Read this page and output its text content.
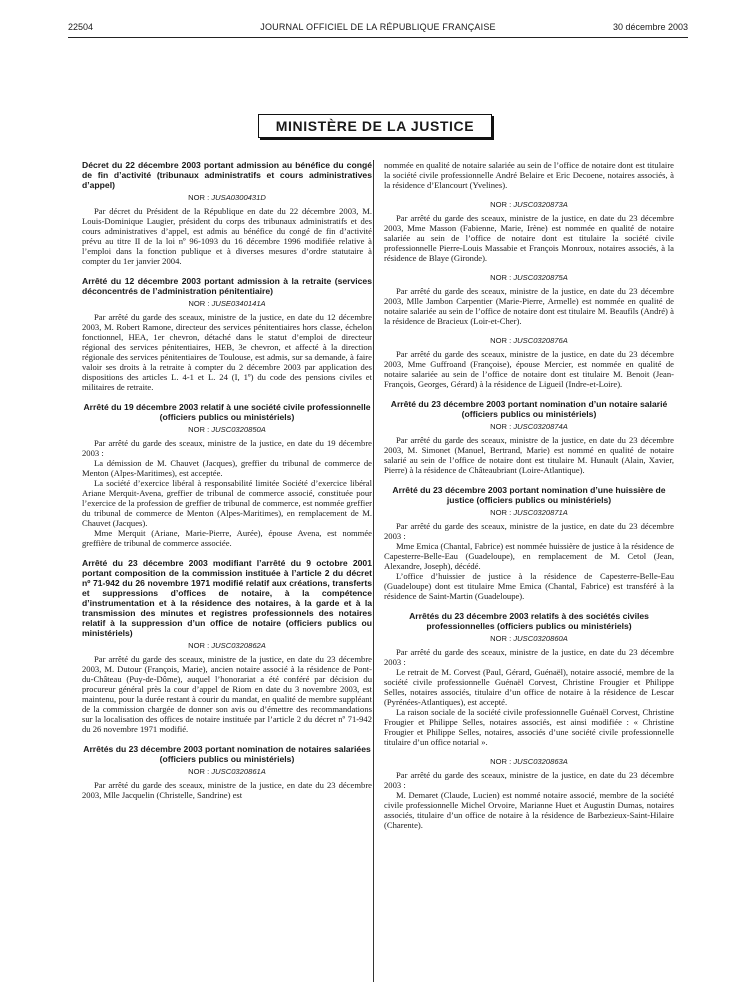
22504	JOURNAL OFFICIEL DE LA RÉPUBLIQUE FRANÇAISE	30 décembre 2003
MINISTÈRE DE LA JUSTICE

Décret du 22 décembre 2003 portant admission au bénéfice du congé de fin d’activité (tribunaux administratifs et cours administratives d’appel)

NOR : JUSA0300431D

Par décret du Président de la République en date du 22 décembre 2003, M. Louis-Dominique Laugier, président du corps des tribunaux administratifs et des cours administratives d’appel, est admis au bénéfice du congé de fin d’activité prévu au titre II de la loi nº 96-1093 du 16 décembre 1996 modifiée relative à l’emploi dans la fonction publique et à diverses mesures d’ordre statutaire à compter du 1er janvier 2004.

Arrêté du 12 décembre 2003 portant admission à la retraite (services déconcentrés de l’administration pénitentiaire)

NOR : JUSE0340141A

Par arrêté du garde des sceaux, ministre de la justice, en date du 12 décembre 2003, M. Robert Ramone, directeur des services pénitentiaires hors classe, échelon fonctionnel, HEA, 1er chevron, détaché dans le statut d’emploi de directeur régional des services pénitentiaires, HEB, 3e chevron, et affecté à la direction régionale des services pénitentiaires de Toulouse, est admis, sur sa demande, à faire valoir ses droits à la retraite à compter du 2 décembre 2003 par application des dispositions des articles L. 4-1 et L. 24 (I, 1º) du code des pensions civiles et militaires de retraite.

Arrêté du 19 décembre 2003 relatif à une société civile professionnelle (officiers publics ou ministériels)

NOR : JUSC0320850A

Par arrêté du garde des sceaux, ministre de la justice, en date du 19 décembre 2003 :

La démission de M. Chauvet (Jacques), greffier du tribunal de commerce de Menton (Alpes-Maritimes), est acceptée.

La société d’exercice libéral à responsabilité limitée Société d’exercice libéral Ariane Merquit-Avena, greffier de tribunal de commerce associé, constituée pour l’exercice de la profession de greffier de tribunal de commerce, est nommée greffier du tribunal de commerce de Menton (Alpes-Maritimes), en remplacement de M. Chauvet (Jacques).

Mme Merquit (Ariane, Marie-Pierre, Aurée), épouse Avena, est nommée greffière de tribunal de commerce associée.

Arrêté du 23 décembre 2003 modifiant l’arrêté du 9 octobre 2001 portant composition de la commission instituée à l’article 2 du décret nº 71-942 du 26 novembre 1971 modifié relatif aux créations, transferts et suppressions d’offices de notaire, à la compétence d’instrumentation et à la résidence des notaires, à la garde et à la transmission des minutes et registres professionnels des notaires relatif à la suppression d’un office de notaire (officiers publics ou ministériels)

NOR : JUSC0320862A

Par arrêté du garde des sceaux, ministre de la justice, en date du 23 décembre 2003, M. Dutour (François, Marie), ancien notaire associé à la résidence de Pont-du-Château (Puy-de-Dôme), auquel l’honorariat a été conféré par décision du procureur général près la cour d’appel de Riom en date du 3 novembre 2003, est maintenu, pour la durée restant à courir du mandat, en qualité de membre suppléant de la commission chargée de donner son avis ou d’émettre des recommandations sur la localisation des offices de notaire instituée par l’article 2 du décret nº 71-942 du 26 novembre 1971 modifié.

Arrêtés du 23 décembre 2003 portant nomination de notaires salariées (officiers publics ou ministériels)

NOR : JUSC0320861A

Par arrêté du garde des sceaux, ministre de la justice, en date du 23 décembre 2003, Mlle Jacquelin (Christelle, Sandrine) est

nommée en qualité de notaire salariée au sein de l’office de notaire dont est titulaire la société civile professionnelle André Belaire et Eric Decoene, notaires associés, à la résidence d’Elancourt (Yvelines).

NOR : JUSC0320873A

Par arrêté du garde des sceaux, ministre de la justice, en date du 23 décembre 2003, Mme Masson (Fabienne, Marie, Irène) est nommée en qualité de notaire salariée au sein de l’office de notaire dont est titulaire la société civile professionnelle Pierre-Louis Massabie et François Monroux, notaires associés, à la résidence de Blaye (Gironde).

NOR : JUSC0320875A

Par arrêté du garde des sceaux, ministre de la justice, en date du 23 décembre 2003, Mlle Jambon Carpentier (Marie-Pierre, Armelle) est nommée en qualité de notaire salariée au sein de l’office de notaire dont est titulaire M. Beaufils (André) à la résidence de Bracieux (Loir-et-Cher).

NOR : JUSC0320876A

Par arrêté du garde des sceaux, ministre de la justice, en date du 23 décembre 2003, Mme Guffroand (Françoise), épouse Mercier, est nommée en qualité de notaire salariée au sein de l’office de notaire dont est titulaire M. Benoit (Jean-François, Georges, Gérard) à la résidence de Ligueil (Indre-et-Loire).

Arrêté du 23 décembre 2003 portant nomination d’un notaire salarié (officiers publics ou ministériels)

NOR : JUSC0320874A

Par arrêté du garde des sceaux, ministre de la justice, en date du 23 décembre 2003, M. Simonet (Manuel, Bertrand, Marie) est nommé en qualité de notaire salarié au sein de l’office de notaire dont est titulaire M. Hunault (Alain, Xavier, Pierre) à la résidence de Châteaubriant (Loire-Atlantique).

Arrêté du 23 décembre 2003 portant nomination d’une huissière de justice (officiers publics ou ministériels)

NOR : JUSC0320871A

Par arrêté du garde des sceaux, ministre de la justice, en date du 23 décembre 2003 :

Mme Emica (Chantal, Fabrice) est nommée huissière de justice à la résidence de Capesterre-Belle-Eau (Guadeloupe), en remplacement de M. Cetol (Jean, Alexandre, Joseph), décédé.

L’office d’huissier de justice à la résidence de Capesterre-Belle-Eau (Guadeloupe) dont est titulaire Mme Emica (Chantal, Fabrice) est transféré à la résidence de Saint-Martin (Guadeloupe).

Arrêtés du 23 décembre 2003 relatifs à des sociétés civiles professionnelles (officiers publics ou ministériels)

NOR : JUSC0320860A

Par arrêté du garde des sceaux, ministre de la justice, en date du 23 décembre 2003 :

Le retrait de M. Corvest (Paul, Gérard, Guénaël), notaire associé, membre de la société civile professionnelle Guénaël Corvest, Christine Frougier et Philippe Selles, notaires associés, titulaire d’un office de notaire à la résidence de Lescar (Pyrénées-Atlantiques), est accepté.

La raison sociale de la société civile professionnelle Guénaël Corvest, Christine Frougier et Philippe Selles, notaires associés, est ainsi modifiée : « Christine Frougier et Philippe Selles, notaires, associés d’une société civile professionnelle titulaire d’un office notarial ».

NOR : JUSC0320863A

Par arrêté du garde des sceaux, ministre de la justice, en date du 23 décembre 2003 :

M. Demaret (Claude, Lucien) est nommé notaire associé, membre de la société civile professionnelle Michel Orvoire, Marianne Huet et Augustin Dumas, notaires associés, titulaire d’un office de notaire à la résidence de Barbezieux-Saint-Hilaire (Charente).
